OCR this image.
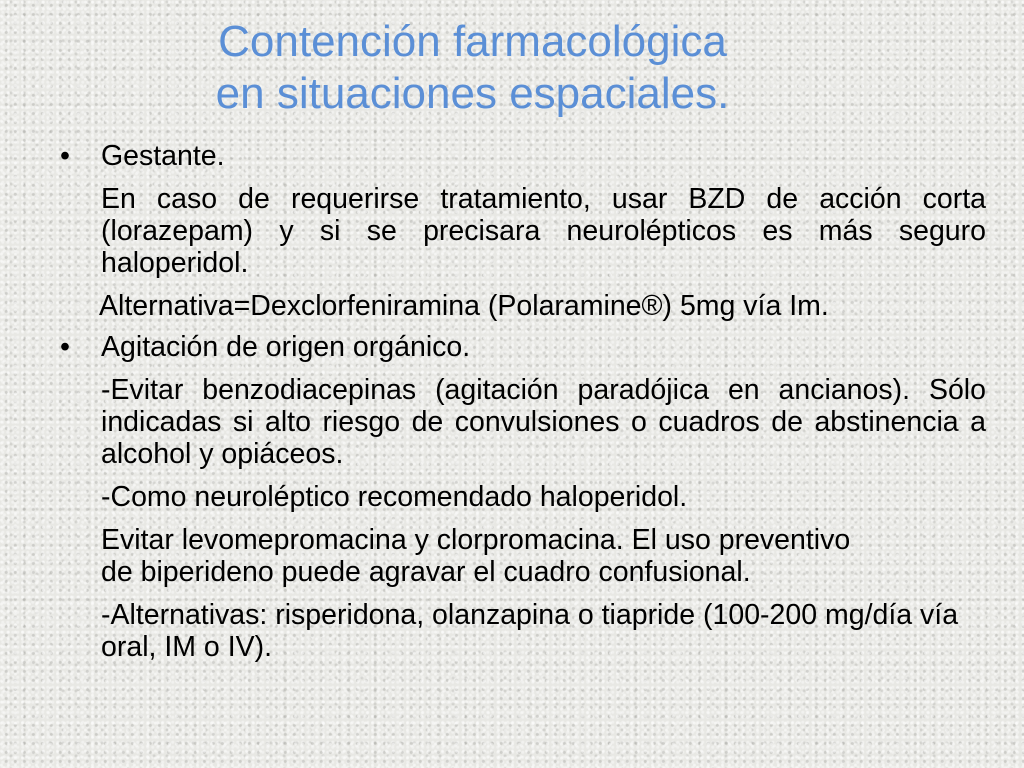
Contención farmacológica
en situaciones espaciales.
• Gestante.
En caso de requerirse tratamiento, usar BZD de acción corta (lorazepam) y si se precisara neurolépticos es más seguro haloperidol.
Alternativa=Dexclorfeniramina (Polaramine®) 5mg vía Im.
• Agitación de origen orgánico.
-Evitar benzodiacepinas (agitación paradójica en ancianos). Sólo indicadas si alto riesgo de convulsiones o cuadros de abstinencia a alcohol y opiáceos.
-Como neuroléptico recomendado haloperidol.
Evitar levomepromacina y clorpromacina. El uso preventivo de biperideno puede agravar el cuadro confusional.
-Alternativas: risperidona, olanzapina o tiapride (100-200 mg/día vía oral, IM o IV).
